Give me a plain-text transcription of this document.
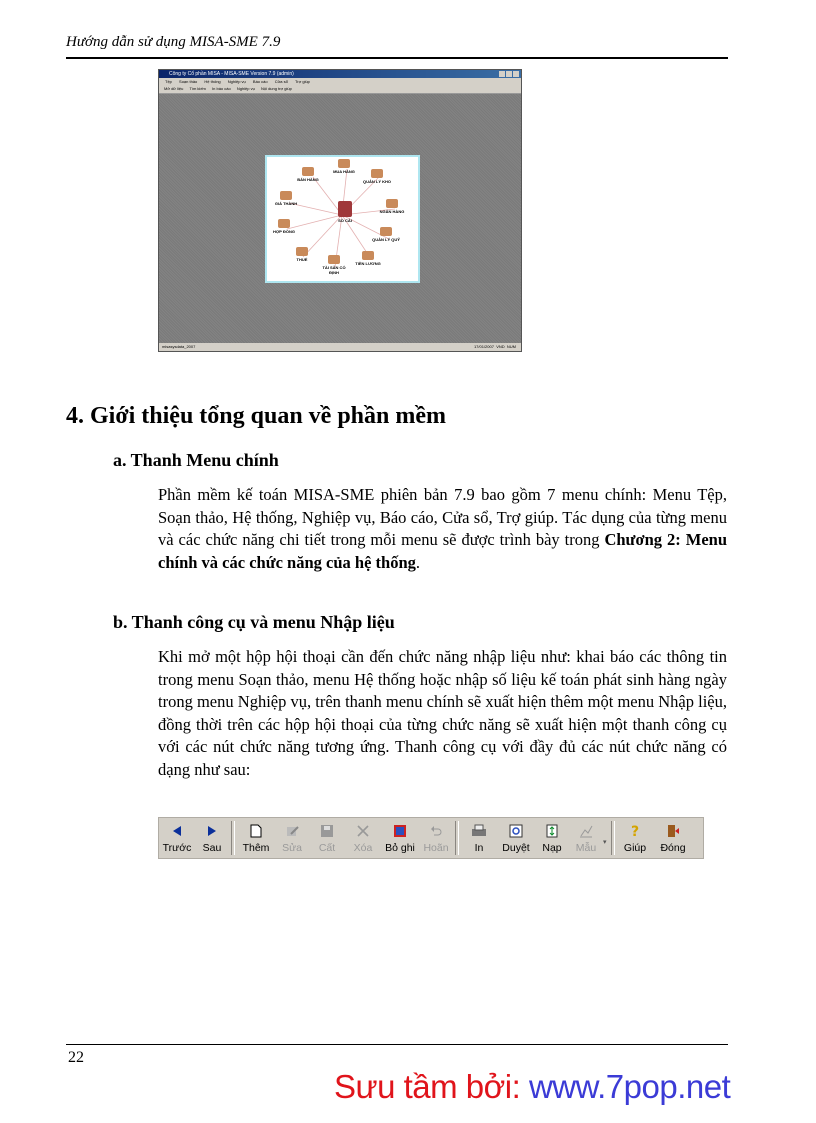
Hướng dẫn sử dụng MISA-SME 7.9
Công ty Cổ phần MISA - MISA-SME Version 7.9 (admin)
Tệp Soạn thảo Hệ thống Nghiệp vụ Báo cáo Cửa sổ Trợ giúp
Mở dữ liệu Tìm kiếm In báo cáo Nghiệp vụ Nội dung trợ giúp
SỔ CÁI
MUA HÀNG
QUẢN LÝ KHO
NGÂN HÀNG
QUẢN LÝ QUỸ
TIỀN LƯƠNG
TÀI SẢN CỐ ĐỊNH
THUẾ
HỢP ĐỒNG
GIÁ THÀNH
BÁN HÀNG
misasysdata_2007	17/01/2007 VND NUM
4. Giới thiệu tổng quan về phần mềm
a. Thanh Menu chính
Phần mềm kế toán MISA-SME phiên bản 7.9 bao gồm 7 menu chính: Menu Tệp, Soạn thảo, Hệ thống, Nghiệp vụ, Báo cáo, Cửa sổ, Trợ giúp. Tác dụng của từng menu và các chức năng chi tiết trong mỗi menu sẽ được trình bày trong Chương 2: Menu chính và các chức năng của hệ thống.
b. Thanh công cụ và menu Nhập liệu
Khi mở một hộp hội thoại cần đến chức năng nhập liệu như: khai báo các thông tin trong menu Soạn thảo, menu Hệ thống hoặc nhập số liệu kế toán phát sinh hàng ngày trong menu Nghiệp vụ, trên thanh menu chính sẽ xuất hiện thêm một menu Nhập liệu, đồng thời trên các hộp hội thoại của từng chức năng sẽ xuất hiện một thanh công cụ với các nút chức năng tương ứng. Thanh công cụ với đầy đủ các nút chức năng có dạng như sau:
Trước Sau Thêm Sửa Cất Xóa Bỏ ghi Hoãn In Duyệt Nạp Mẫu ▾
?
Giúp Đóng
22
Sưu tầm bởi: www.7pop.net
